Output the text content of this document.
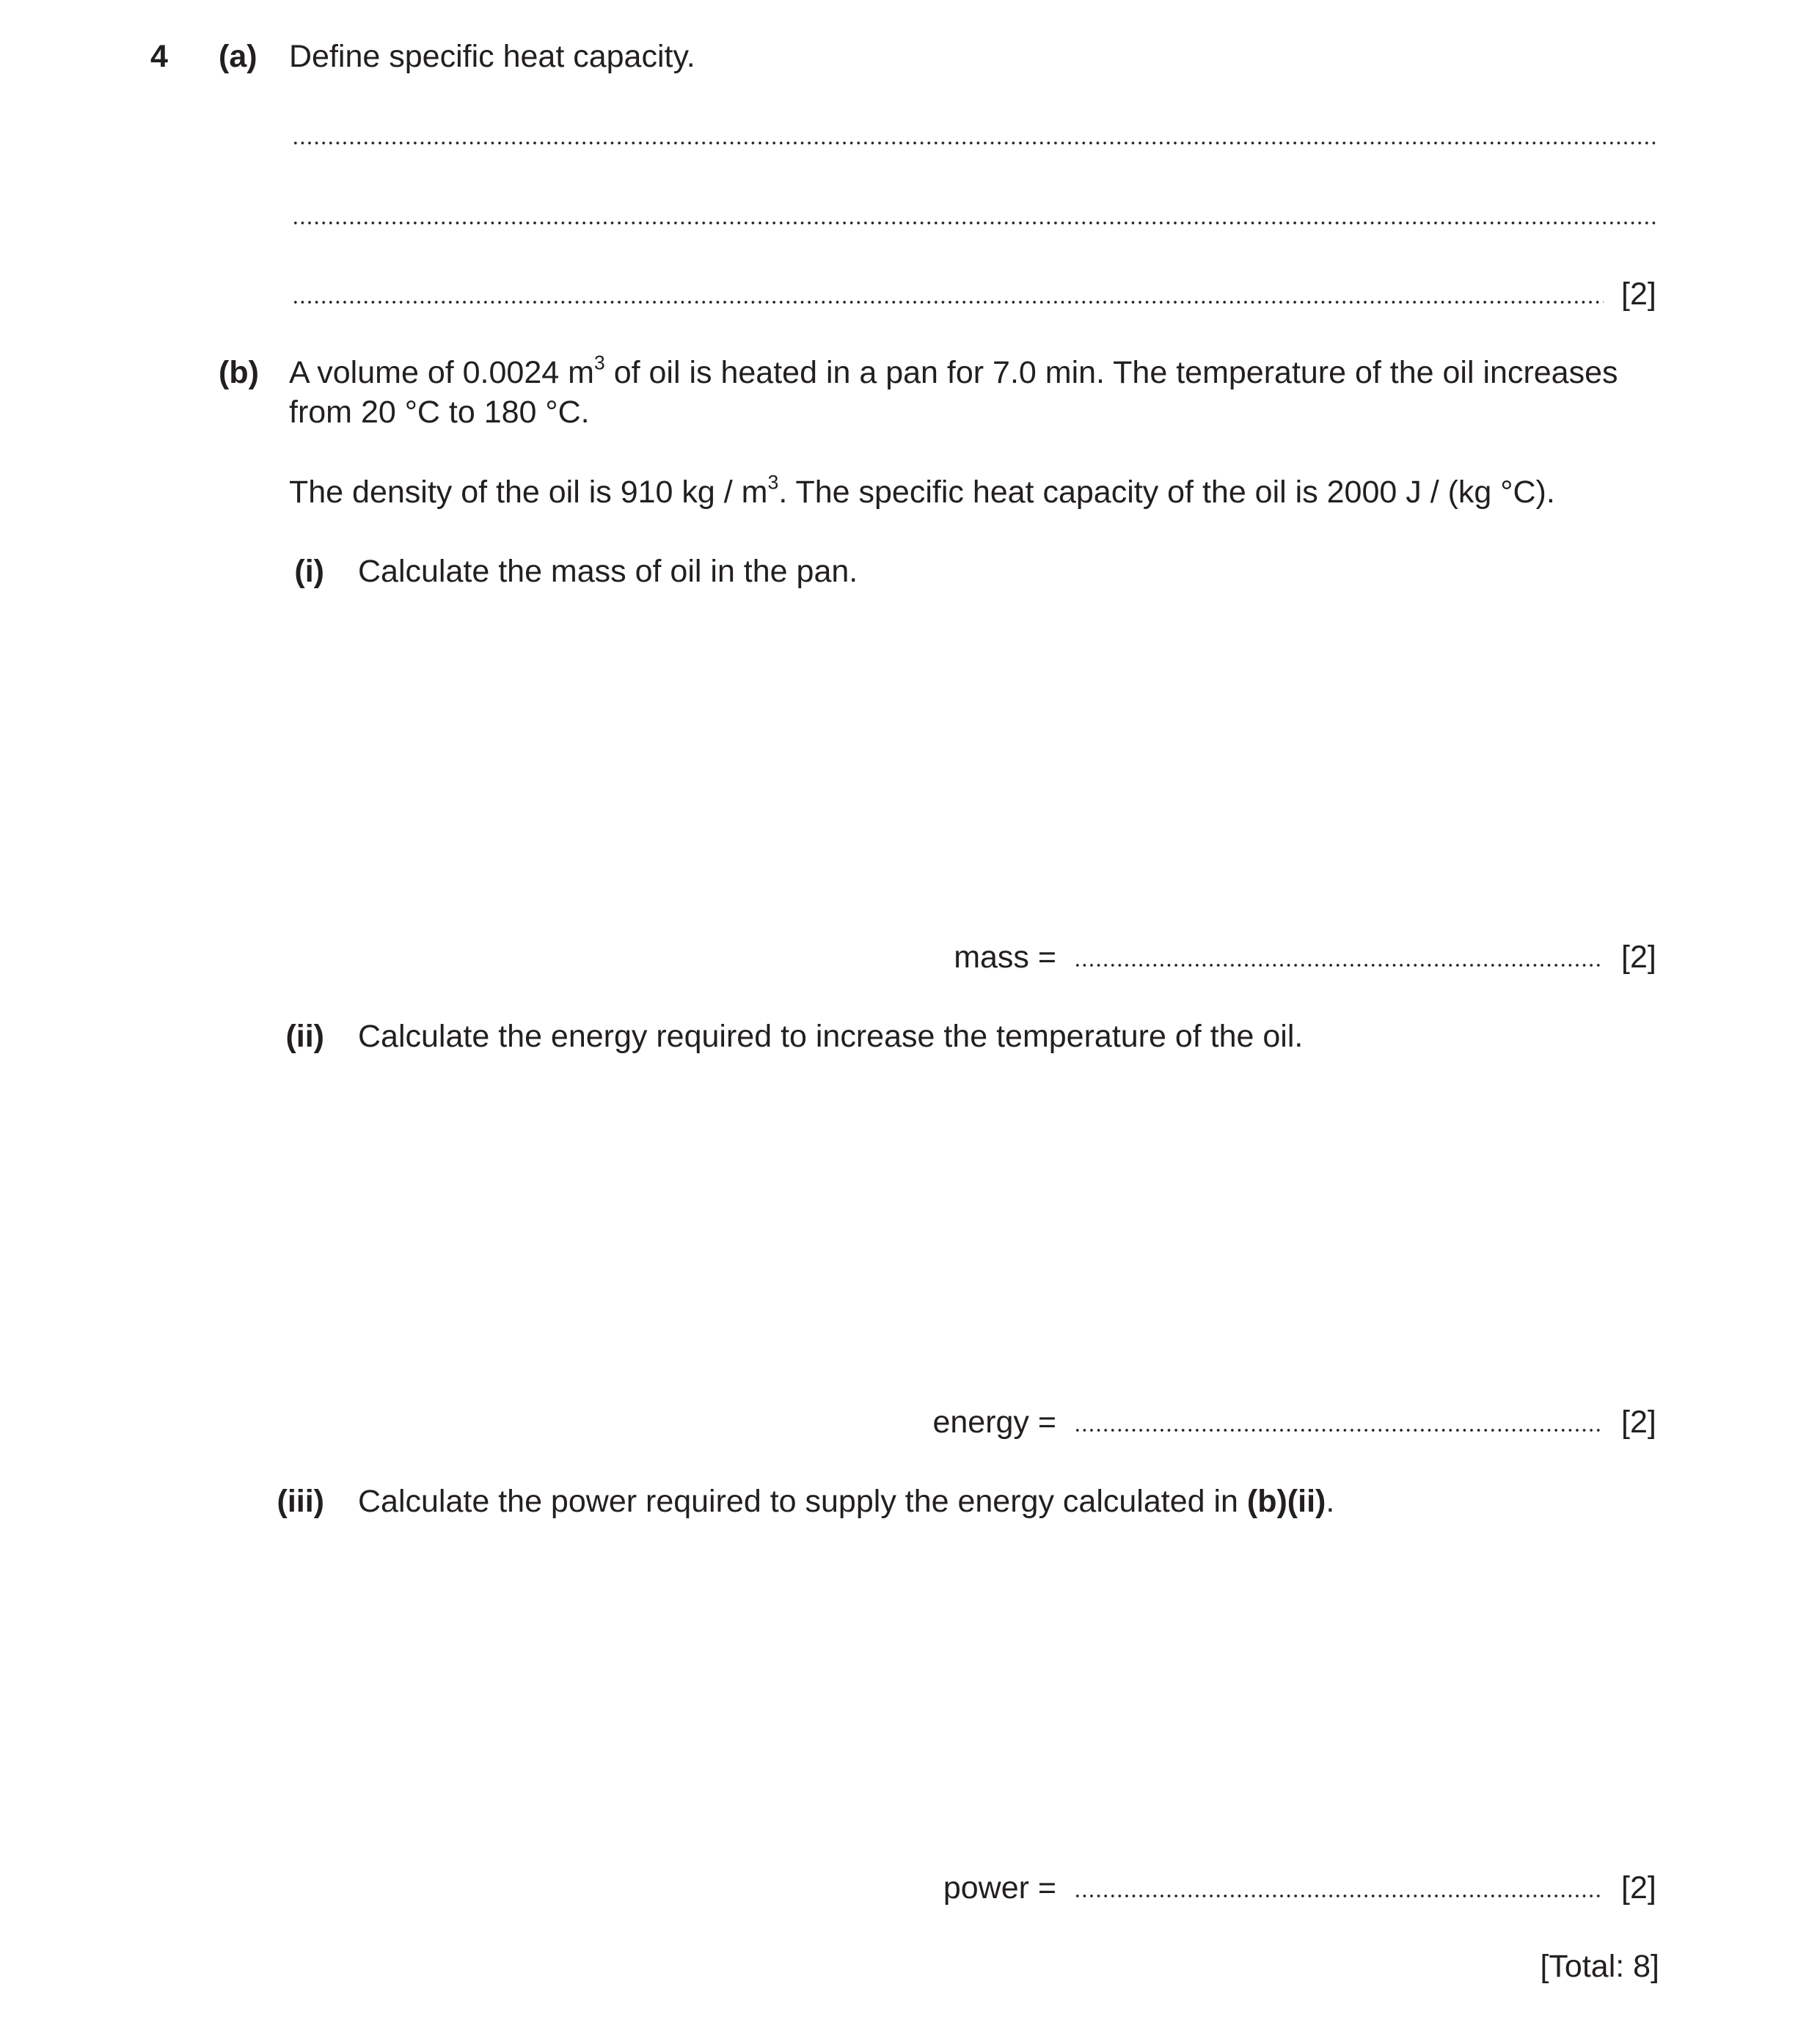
4 (a) Define specific heat capacity.
[2]
(b) A volume of 0.0024 $m^3$ of oil is heated in a pan for 7.0 min. The temperature of the oil increases
from 20 °C to 180 °C.
The density of the oil is 910 kg / $m^3$. The specific heat capacity of the oil is 2000 J / (kg °C).
(i) Calculate the mass of oil in the pan.
mass =	[2]
(ii) Calculate the energy required to increase the temperature of the oil.
energy =	[2]
(iii) Calculate the power required to supply the energy calculated in (b)(ii).
power =	[2]
[Total: 8]
